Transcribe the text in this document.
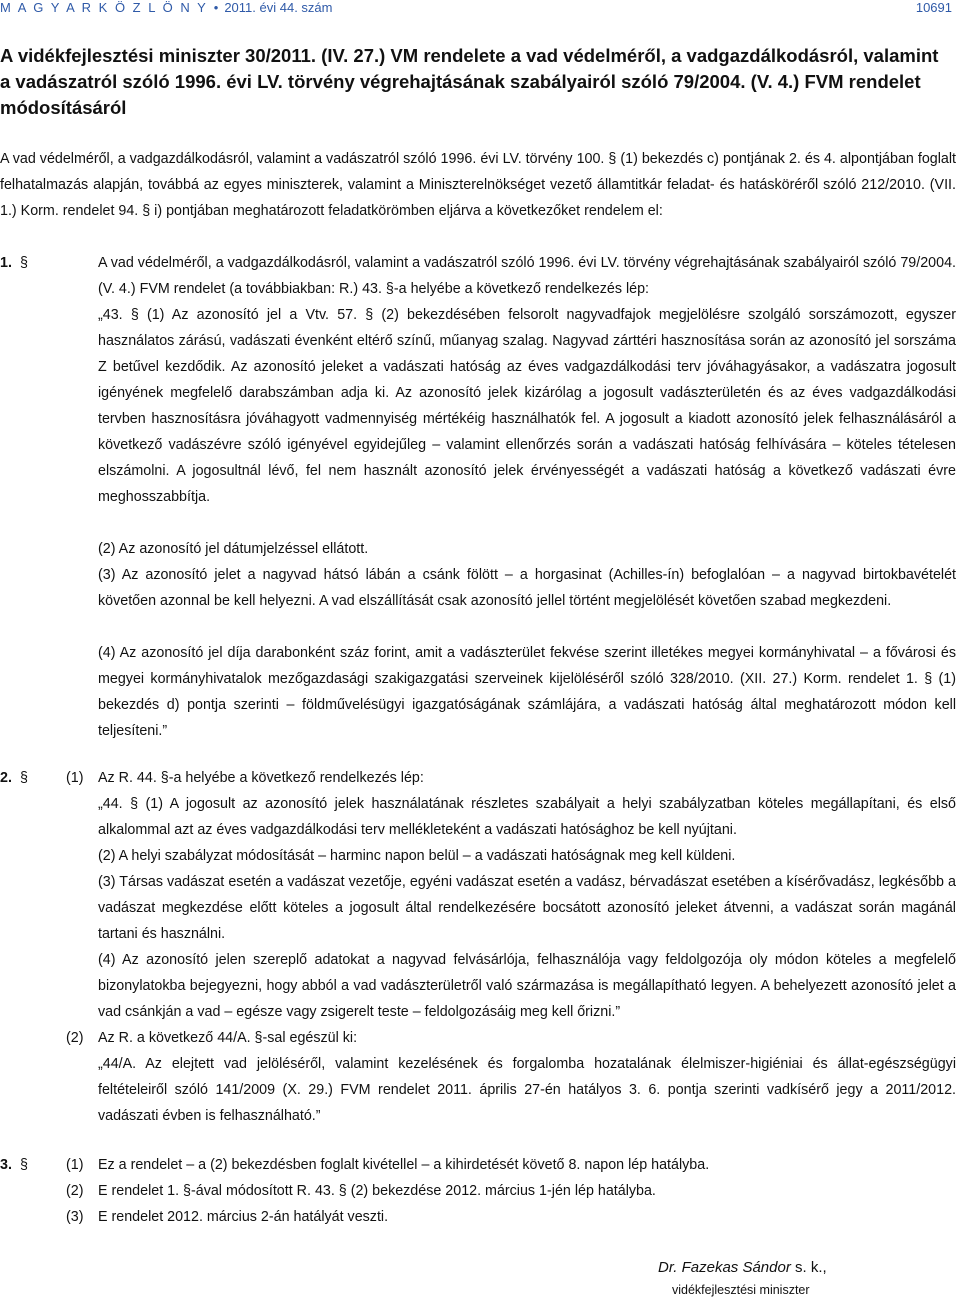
M A G Y A R K Ö Z L Ö N Y • 2011. évi 44. szám	10691
A vidékfejlesztési miniszter 30/2011. (IV. 27.) VM rendelete a vad védelméről, a vadgazdálkodásról, valamint a vadászatról szóló 1996. évi LV. törvény végrehajtásának szabályairól szóló 79/2004. (V. 4.) FVM rendelet módosításáról
A vad védelméről, a vadgazdálkodásról, valamint a vadászatról szóló 1996. évi LV. törvény 100. § (1) bekezdés c) pontjának 2. és 4. alpontjában foglalt felhatalmazás alapján, továbbá az egyes miniszterek, valamint a Miniszterelnökséget vezető államtitkár feladat- és hatásköréről szóló 212/2010. (VII. 1.) Korm. rendelet 94. § i) pontjában meghatározott feladatkörömben eljárva a következőket rendelem el:
1. §	A vad védelméről, a vadgazdálkodásról, valamint a vadászatról szóló 1996. évi LV. törvény végrehajtásának szabályairól szóló 79/2004. (V. 4.) FVM rendelet (a továbbiakban: R.) 43. §-a helyébe a következő rendelkezés lép:
„43. § (1) Az azonosító jel a Vtv. 57. § (2) bekezdésében felsorolt nagyvadfajok megjelölésre szolgáló sorszámozott, egyszer használatos zárású, vadászati évenként eltérő színű, műanyag szalag. Nagyvad zárttéri hasznosítása során az azonosító jel sorszáma Z betűvel kezdődik. Az azonosító jeleket a vadászati hatóság az éves vadgazdálkodási terv jóváhagyásakor, a vadászatra jogosult igényének megfelelő darabszámban adja ki. Az azonosító jelek kizárólag a jogosult vadászterületén és az éves vadgazdálkodási tervben hasznosításra jóváhagyott vadmennyiség mértékéig használhatók fel. A jogosult a kiadott azonosító jelek felhasználásáról a következő vadászévre szóló igényével egyidejűleg – valamint ellenőrzés során a vadászati hatóság felhívására – köteles tételesen elszámolni. A jogosultnál lévő, fel nem használt azonosító jelek érvényességét a vadászati hatóság a következő vadászati évre meghosszabbítja.
(2) Az azonosító jel dátumjelzéssel ellátott.
(3) Az azonosító jelet a nagyvad hátsó lábán a csánk fölött – a horgasinat (Achilles-ín) befoglalóan – a nagyvad birtokbavételét követően azonnal be kell helyezni. A vad elszállítását csak azonosító jellel történt megjelölését követően szabad megkezdeni.
(4) Az azonosító jel díja darabonként száz forint, amit a vadászterület fekvése szerint illetékes megyei kormányhivatal – a fővárosi és megyei kormányhivatalok mezőgazdasági szakigazgatási szerveinek kijelöléséről szóló 328/2010. (XII. 27.) Korm. rendelet 1. § (1) bekezdés d) pontja szerinti – földművelésügyi igazgatóságának számlájára, a vadászati hatóság által meghatározott módon kell teljesíteni.”
2. §	(1) Az R. 44. §-a helyébe a következő rendelkezés lép:
„44. § (1) A jogosult az azonosító jelek használatának részletes szabályait a helyi szabályzatban köteles megállapítani, és első alkalommal azt az éves vadgazdálkodási terv mellékleteként a vadászati hatósághoz be kell nyújtani.
(2) A helyi szabályzat módosítását – harminc napon belül – a vadászati hatóságnak meg kell küldeni.
(3) Társas vadászat esetén a vadászat vezetője, egyéni vadászat esetén a vadász, bérvadászat esetében a kísérővadász, legkésőbb a vadászat megkezdése előtt köteles a jogosult által rendelkezésére bocsátott azonosító jeleket átvenni, a vadászat során magánál tartani és használni.
(4) Az azonosító jelen szereplő adatokat a nagyvad felvásárlója, felhasználója vagy feldolgozója oly módon köteles a megfelelő bizonylatokba bejegyezni, hogy abból a vad vadászterületről való származása is megállapítható legyen. A behelyezett azonosító jelet a vad csánkján a vad – egésze vagy zsigerelt teste – feldolgozásáig meg kell őrizni.”
(2) Az R. a következő 44/A. §-sal egészül ki:
„44/A. Az elejtett vad jelöléséről, valamint kezelésének és forgalomba hozatalának élelmiszer-higiéniai és állat-egészségügyi feltételeiről szóló 141/2009 (X. 29.) FVM rendelet 2011. április 27-én hatályos 3. 6. pontja szerinti vadkísérő jegy a 2011/2012. vadászati évben is felhasználható.”
3. §	(1) Ez a rendelet – a (2) bekezdésben foglalt kivétellel – a kihirdetését követő 8. napon lép hatályba.
(2) E rendelet 1. §-ával módosított R. 43. § (2) bekezdése 2012. március 1-jén lép hatályba.
(3) E rendelet 2012. március 2-án hatályát veszti.
Dr. Fazekas Sándor s. k.,
vidékfejlesztési miniszter
